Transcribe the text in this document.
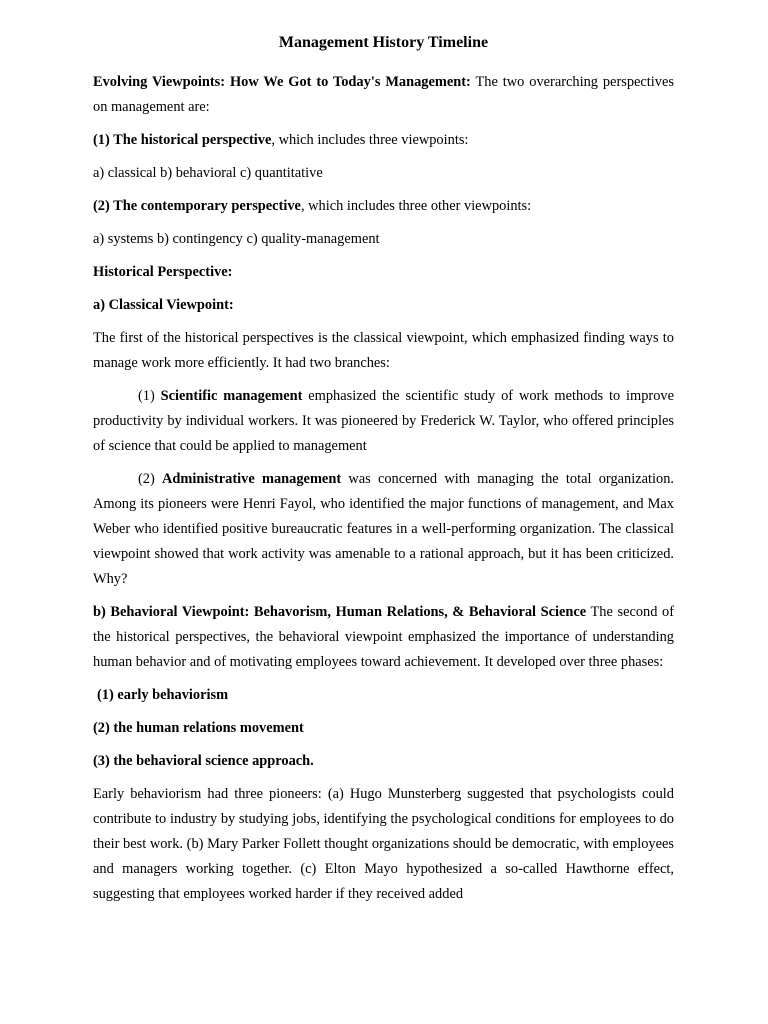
Management History Timeline

Evolving Viewpoints: How We Got to Today's Management: The two overarching perspectives on management are:

(1) The historical perspective, which includes three viewpoints:

a) classical b) behavioral c) quantitative

(2) The contemporary perspective, which includes three other viewpoints:

a) systems b) contingency c) quality-management

Historical Perspective:

a) Classical Viewpoint:

The first of the historical perspectives is the classical viewpoint, which emphasized finding ways to manage work more efficiently. It had two branches:

(1) Scientific management emphasized the scientific study of work methods to improve productivity by individual workers. It was pioneered by Frederick W. Taylor, who offered principles of science that could be applied to management

(2) Administrative management was concerned with managing the total organization. Among its pioneers were Henri Fayol, who identified the major functions of management, and Max Weber who identified positive bureaucratic features in a well-performing organization. The classical viewpoint showed that work activity was amenable to a rational approach, but it has been criticized. Why?

b) Behavioral Viewpoint: Behavorism, Human Relations, & Behavioral Science The second of the historical perspectives, the behavioral viewpoint emphasized the importance of understanding human behavior and of motivating employees toward achievement. It developed over three phases:

(1) early behaviorism

(2) the human relations movement

(3) the behavioral science approach.

Early behaviorism had three pioneers: (a) Hugo Munsterberg suggested that psychologists could contribute to industry by studying jobs, identifying the psychological conditions for employees to do their best work. (b) Mary Parker Follett thought organizations should be democratic, with employees and managers working together. (c) Elton Mayo hypothesized a so-called Hawthorne effect, suggesting that employees worked harder if they received added
